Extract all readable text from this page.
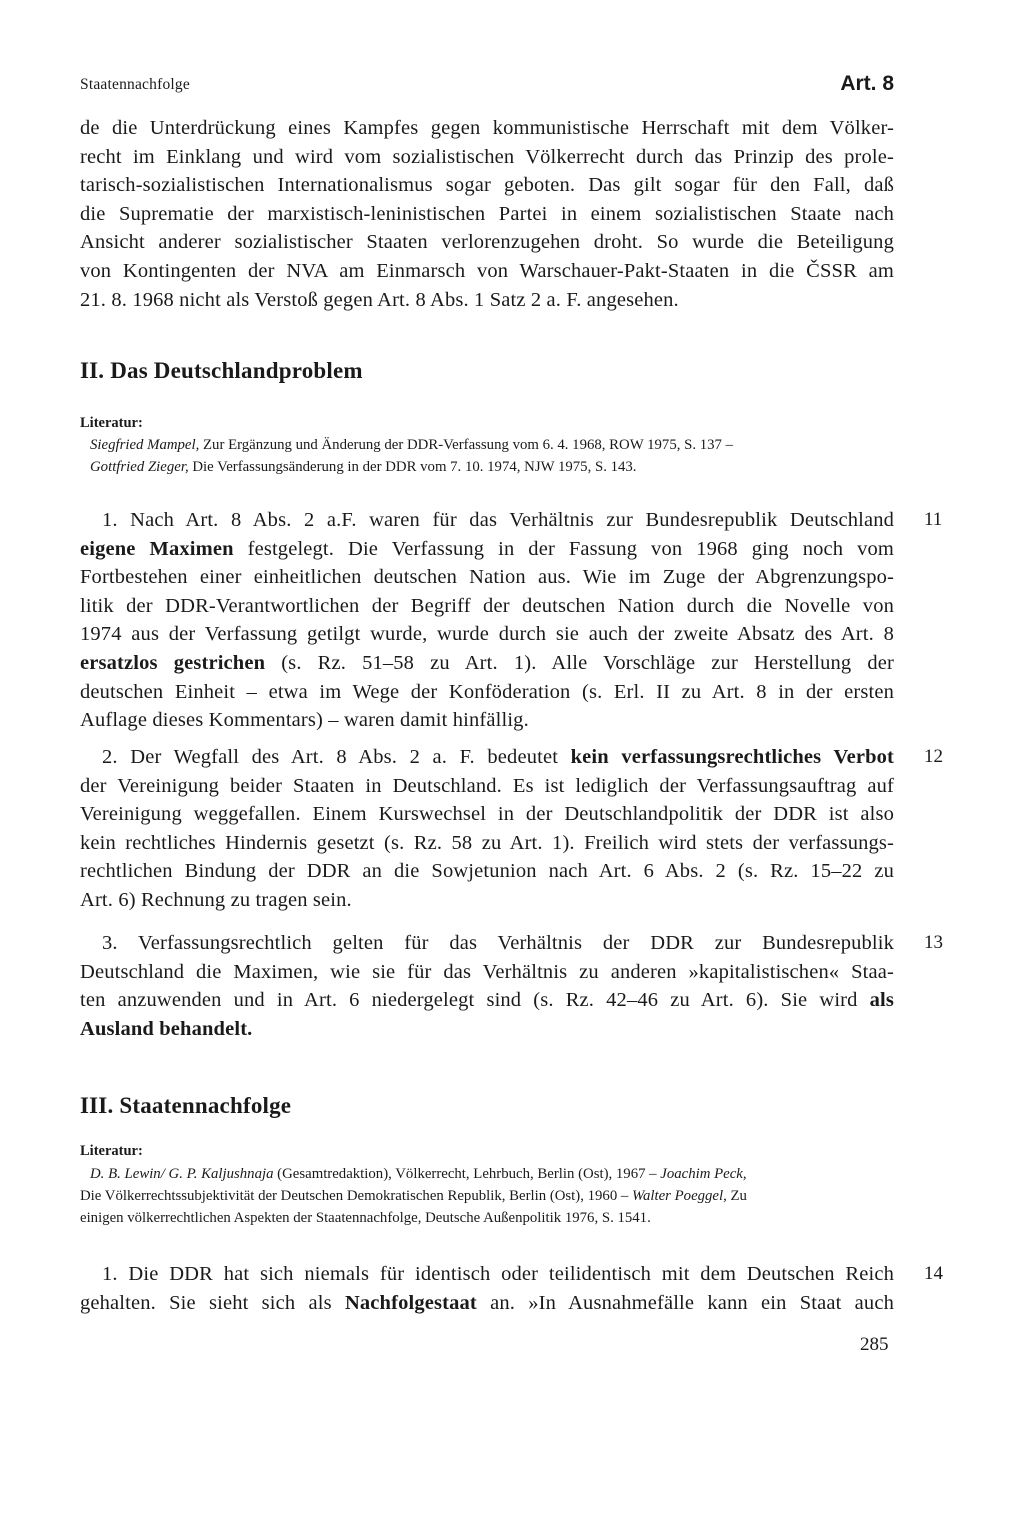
Staatennachfolge	Art. 8
de die Unterdrückung eines Kampfes gegen kommunistische Herrschaft mit dem Völker-
recht im Einklang und wird vom sozialistischen Völkerrecht durch das Prinzip des prole-
tarisch-sozialistischen Internationalismus sogar geboten. Das gilt sogar für den Fall, daß
die Suprematie der marxistisch-leninistischen Partei in einem sozialistischen Staate nach
Ansicht anderer sozialistischer Staaten verlorenzugehen droht. So wurde die Beteiligung
von Kontingenten der NVA am Einmarsch von Warschauer-Pakt-Staaten in die ČSSR am
21. 8. 1968 nicht als Verstoß gegen Art. 8 Abs. 1 Satz 2 a. F. angesehen.
II. Das Deutschlandproblem
Literatur:
Siegfried Mampel, Zur Ergänzung und Änderung der DDR-Verfassung vom 6. 4. 1968, ROW 1975, S. 137 –
Gottfried Zieger, Die Verfassungsänderung in der DDR vom 7. 10. 1974, NJW 1975, S. 143.
11
1. Nach Art. 8 Abs. 2 a.F. waren für das Verhältnis zur Bundesrepublik Deutschland
eigene Maximen festgelegt. Die Verfassung in der Fassung von 1968 ging noch vom
Fortbestehen einer einheitlichen deutschen Nation aus. Wie im Zuge der Abgrenzungspo-
litik der DDR-Verantwortlichen der Begriff der deutschen Nation durch die Novelle von
1974 aus der Verfassung getilgt wurde, wurde durch sie auch der zweite Absatz des Art. 8
ersatzlos gestrichen (s. Rz. 51–58 zu Art. 1). Alle Vorschläge zur Herstellung der
deutschen Einheit – etwa im Wege der Konföderation (s. Erl. II zu Art. 8 in der ersten
Auflage dieses Kommentars) – waren damit hinfällig.
12
2. Der Wegfall des Art. 8 Abs. 2 a. F. bedeutet kein verfassungsrechtliches Verbot
der Vereinigung beider Staaten in Deutschland. Es ist lediglich der Verfassungsauftrag auf
Vereinigung weggefallen. Einem Kurswechsel in der Deutschlandpolitik der DDR ist also
kein rechtliches Hindernis gesetzt (s. Rz. 58 zu Art. 1). Freilich wird stets der verfassungs-
rechtlichen Bindung der DDR an die Sowjetunion nach Art. 6 Abs. 2 (s. Rz. 15–22 zu
Art. 6) Rechnung zu tragen sein.
13
3. Verfassungsrechtlich gelten für das Verhältnis der DDR zur Bundesrepublik
Deutschland die Maximen, wie sie für das Verhältnis zu anderen »kapitalistischen« Staa-
ten anzuwenden und in Art. 6 niedergelegt sind (s. Rz. 42–46 zu Art. 6). Sie wird als
Ausland behandelt.
III. Staatennachfolge
Literatur:
D. B. Lewin/ G. P. Kaljushnaja (Gesamtredaktion), Völkerrecht, Lehrbuch, Berlin (Ost), 1967 – Joachim Peck,
Die Völkerrechtssubjektivität der Deutschen Demokratischen Republik, Berlin (Ost), 1960 – Walter Poeggel, Zu
einigen völkerrechtlichen Aspekten der Staatennachfolge, Deutsche Außenpolitik 1976, S. 1541.
14
1. Die DDR hat sich niemals für identisch oder teilidentisch mit dem Deutschen Reich
gehalten. Sie sieht sich als Nachfolgestaat an. »In Ausnahmefälle kann ein Staat auch
285
